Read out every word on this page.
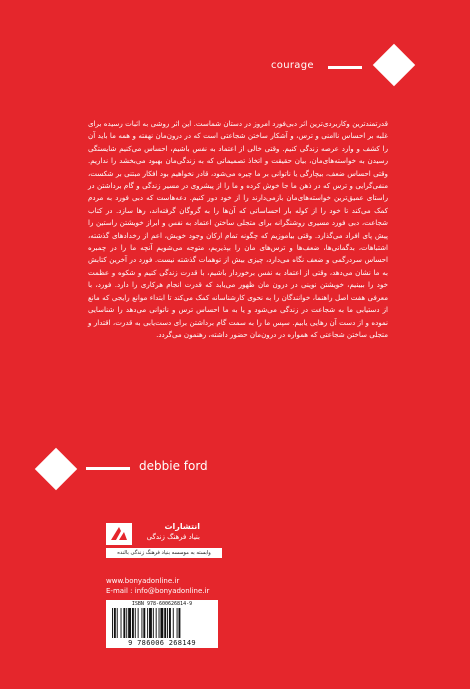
courage
قدرتمندترین وکاربردی‌ترین اثر دبی‌فورد امروز در دستان شماست. این اثر روشی به اثبات رسیده برای غلبه بر احساس ناامنی و ترس، و آشکار ساختن شجاعتی است که در درون‌مان نهفته و همه ما باید آن را کشف و وارد عرصه زندگی کنیم. وقتی خالی از اعتماد به نفس باشیم، احساس می‌کنیم شایستگی رسیدن به خواسته‌های‌مان، بیان حقیقت و اتخاذ تصمیماتی که به زندگی‌مان بهبود می‌بخشد را نداریم. وقتی احساس ضعف، بیچارگی یا ناتوانی بر ما چیره می‌شود، قادر نخواهیم بود افکار مبتنی بر شکست، منفی‌گرایی و ترس که در ذهن ما جا خوش کرده و ما را از پیشروی در مسیر زندگی و گام برداشتن در راستای عمیق‌ترین خواسته‌های‌مان بازمی‌دارند را از خود دور کنیم. دعه‌هاست که دبی فورد به مردم کمک می‌کند تا خود را از کوله بار احساساتی که آن‌ها را به گروگان گرفته‌اند، رها سازد. در کتاب شجاعت، دبی فورد مسیری روشنگرانه برای متجلی ساختن اعتماد به نفس و ابراز خویشتن راستین را پیش پای افراد می‌گذارد. وقتی بیاموزیم که چگونه تمام ارکان وجود خویش، اعم از رخدادهای گذشته، اشتباهات، بدگمانی‌ها، ضعف‌ها و ترس‌های مان را بپذیریم، متوجه می‌شویم آنچه ما را در چمبره احساس سردرگمی و ضعف نگاه می‌دارد، چیزی بیش از توهمات گذشته نیست. فورد در آخرین کتابش به ما نشان می‌دهد، وقتی از اعتماد به نفس برخوردار باشیم، با قدرت زندگی کنیم و شکوه و عظمت خود را ببینیم، خویشتن نوینی در درون مان ظهور می‌یابد که قدرت انجام هرکاری را دارد. فورد، با معرفی هفت اصل راهنما، خوانندگان را به نحوی کارشناسانه کمک می‌کند تا ابتداء موانع رایجی که مانع از دستیابی ما به شجاعت در زندگی می‌شود و یا به ما احساس ترس و ناتوانی می‌دهد را شناسایی نموده و از دست آن رهایی یابیم. سپس ما را به سمت گام برداشتن برای دست‌یابی به قدرت، اقتدار و متجلی ساختن شجاعتی که همواره در درون‌مان حضور داشته، رهنمون می‌گردد.
debbie ford
انتشارات
بنیاد فرهنگ زندگی
وابسته به موسسه بنیاد فرهنگ زندگی بالنده
www.bonyadonline.ir
E-mail : info@bonyadonline.ir
ISBN 978-600626814-9
9 786006 268149
